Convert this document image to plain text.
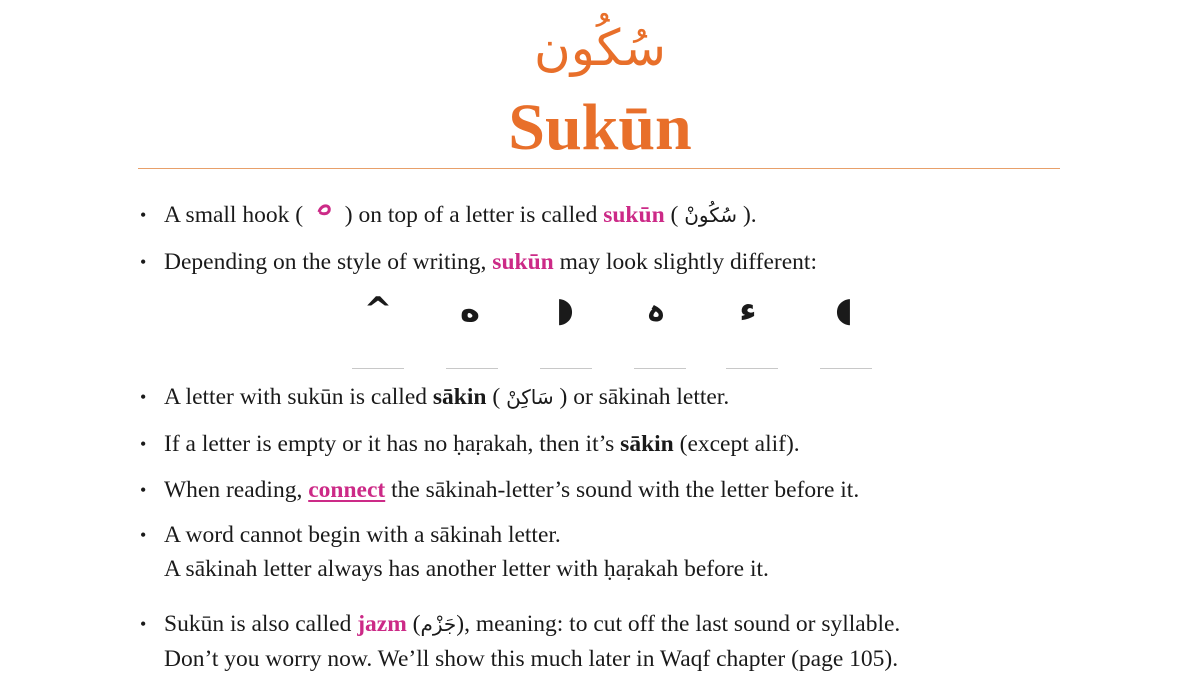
سُكُون
Sukūn
• A small hook (  ) on top of a letter is called sukūn ( سُكُونْ ).
• Depending on the style of writing, sukūn may look slightly different:
^	ه	◗	ہ	ء	◖
• A letter with sukūn is called sākin ( سَاكِنْ ) or sākinah letter.
• If a letter is empty or it has no ḥaṛakah, then it’s sākin (except alif).
• When reading, connect the sākinah-letter’s sound with the letter before it.
• A word cannot begin with a sākinah letter.
A sākinah letter always has another letter with ḥaṛakah before it.
• Sukūn is also called jazm (جَزْم), meaning: to cut off the last sound or syllable.
Don’t you worry now. We’ll show this much later in Waqf chapter (page 105).
